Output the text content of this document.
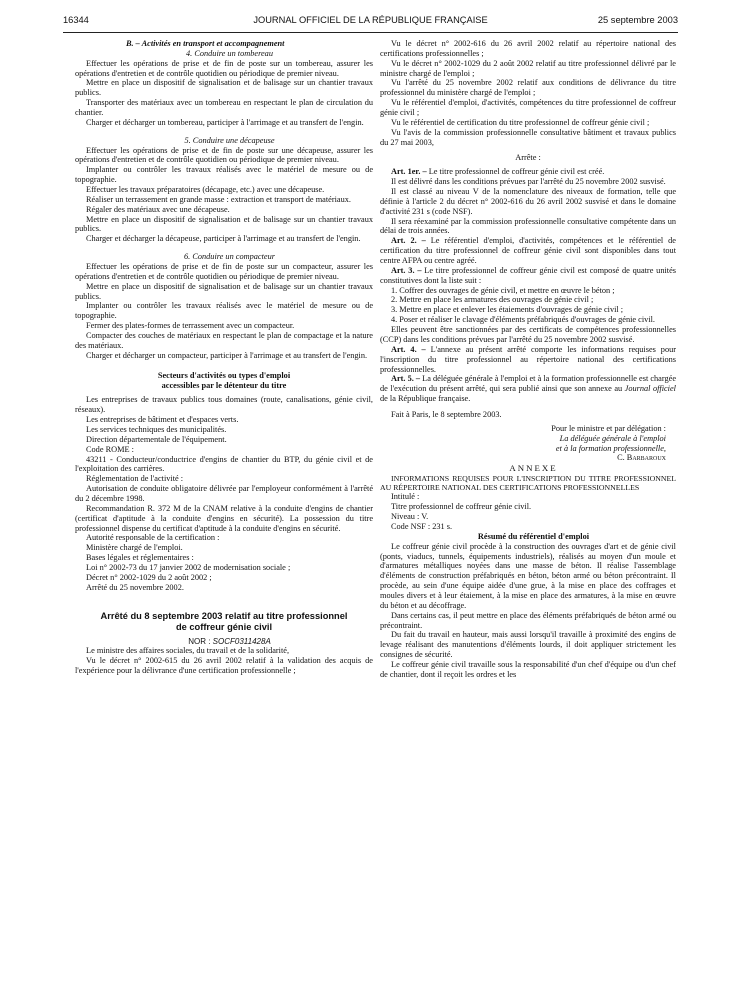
16344	JOURNAL OFFICIEL DE LA RÉPUBLIQUE FRANÇAISE	25 septembre 2003

B. – Activités en transport et accompagnement

4. Conduire un tombereau

Effectuer les opérations de prise et de fin de poste sur un tombereau, assurer les opérations d'entretien et de contrôle quotidien ou périodique de premier niveau.

Mettre en place un dispositif de signalisation et de balisage sur un chantier travaux publics.

Transporter des matériaux avec un tombereau en respectant le plan de circulation du chantier.

Charger et décharger un tombereau, participer à l'arrimage et au transfert de l'engin.

5. Conduire une décapeuse

Effectuer les opérations de prise et de fin de poste sur une décapeuse, assurer les opérations d'entretien et de contrôle quotidien ou périodique de premier niveau.

Implanter ou contrôler les travaux réalisés avec le matériel de mesure ou de topographie.

Effectuer les travaux préparatoires (décapage, etc.) avec une décapeuse.

Réaliser un terrassement en grande masse : extraction et transport de matériaux.

Régaler des matériaux avec une décapeuse.

Mettre en place un dispositif de signalisation et de balisage sur un chantier travaux publics.

Charger et décharger la décapeuse, participer à l'arrimage et au transfert de l'engin.

6. Conduire un compacteur

Effectuer les opérations de prise et de fin de poste sur un compacteur, assurer les opérations d'entretien et de contrôle quotidien ou périodique de premier niveau.

Mettre en place un dispositif de signalisation et de balisage sur un chantier travaux publics.

Implanter ou contrôler les travaux réalisés avec le matériel de mesure ou de topographie.

Fermer des plates-formes de terrassement avec un compacteur.

Compacter des couches de matériaux en respectant le plan de compactage et la nature des matériaux.

Charger et décharger un compacteur, participer à l'arrimage et au transfert de l'engin.

Secteurs d'activités ou types d'emploi

accessibles par le détenteur du titre

Les entreprises de travaux publics tous domaines (route, canalisations, génie civil, réseaux).

Les entreprises de bâtiment et d'espaces verts.

Les services techniques des municipalités.

Direction départementale de l'équipement.

Code ROME :

43211 - Conducteur/conductrice d'engins de chantier du BTP, du génie civil et de l'exploitation des carrières.

Réglementation de l'activité :

Autorisation de conduite obligatoire délivrée par l'employeur conformément à l'arrêté du 2 décembre 1998.

Recommandation R. 372 M de la CNAM relative à la conduite d'engins de chantier (certificat d'aptitude à la conduite d'engins en sécurité). La possession du titre professionnel dispense du certificat d'aptitude à la conduite d'engins en sécurité.

Autorité responsable de la certification :

Ministère chargé de l'emploi.

Bases légales et réglementaires :

Loi n° 2002-73 du 17 janvier 2002 de modernisation sociale ;

Décret n° 2002-1029 du 2 août 2002 ;

Arrêté du 25 novembre 2002.

Arrêté du 8 septembre 2003 relatif au titre professionnel
de coffreur génie civil

NOR : SOCF0311428A

Le ministre des affaires sociales, du travail et de la solidarité,

Vu le décret n° 2002-615 du 26 avril 2002 relatif à la validation des acquis de l'expérience pour la délivrance d'une certification professionnelle ;

Vu le décret n° 2002-616 du 26 avril 2002 relatif au répertoire national des certifications professionnelles ;

Vu le décret n° 2002-1029 du 2 août 2002 relatif au titre professionnel délivré par le ministre chargé de l'emploi ;

Vu l'arrêté du 25 novembre 2002 relatif aux conditions de délivrance du titre professionnel du ministère chargé de l'emploi ;

Vu le référentiel d'emploi, d'activités, compétences du titre professionnel de coffreur génie civil ;

Vu le référentiel de certification du titre professionnel de coffreur génie civil ;

Vu l'avis de la commission professionnelle consultative bâtiment et travaux publics du 27 mai 2003,

Arrête :

Art. 1er. – Le titre professionnel de coffreur génie civil est créé.

Il est délivré dans les conditions prévues par l'arrêté du 25 novembre 2002 susvisé.

Il est classé au niveau V de la nomenclature des niveaux de formation, telle que définie à l'article 2 du décret n° 2002-616 du 26 avril 2002 susvisé et dans le domaine d'activité 231 s (code NSF).

Il sera réexaminé par la commission professionnelle consultative compétente dans un délai de trois années.

Art. 2. – Le référentiel d'emploi, d'activités, compétences et le référentiel de certification du titre professionnel de coffreur génie civil sont disponibles dans tout centre AFPA ou centre agréé.

Art. 3. – Le titre professionnel de coffreur génie civil est composé de quatre unités constitutives dont la liste suit :

1. Coffrer des ouvrages de génie civil, et mettre en œuvre le béton ;

2. Mettre en place les armatures des ouvrages de génie civil ;

3. Mettre en place et enlever les étaiements d'ouvrages de génie civil ;

4. Poser et réaliser le clavage d'éléments préfabriqués d'ouvrages de génie civil.

Elles peuvent être sanctionnées par des certificats de compétences professionnelles (CCP) dans les conditions prévues par l'arrêté du 25 novembre 2002 susvisé.

Art. 4. – L'annexe au présent arrêté comporte les informations requises pour l'inscription du titre professionnel au répertoire national des certifications professionnelles.

Art. 5. – La déléguée générale à l'emploi et à la formation professionnelle est chargée de l'exécution du présent arrêté, qui sera publié ainsi que son annexe au Journal officiel de la République française.

Fait à Paris, le 8 septembre 2003.

Pour le ministre et par délégation :

La déléguée générale à l'emploi

et à la formation professionnelle,

C. Barbaroux

ANNEXE

INFORMATIONS REQUISES POUR L'INSCRIPTION DU TITRE PROFESSIONNEL AU RÉPERTOIRE NATIONAL DES CERTIFICATIONS PROFESSIONNELLES

Intitulé :

Titre professionnel de coffreur génie civil.

Niveau : V.

Code NSF : 231 s.

Résumé du référentiel d'emploi

Le coffreur génie civil procède à la construction des ouvrages d'art et de génie civil (ponts, viaducs, tunnels, équipements industriels), réalisés au moyen d'un moule et d'armatures métalliques noyées dans une masse de béton. Il réalise l'assemblage d'éléments de construction préfabriqués en béton, béton armé ou béton précontraint. Il procède, au sein d'une équipe aidée d'une grue, à la mise en place des coffrages et moules divers et à leur étaiement, à la mise en place des armatures, à la mise en œuvre du béton et au décoffrage.

Dans certains cas, il peut mettre en place des éléments préfabriqués de béton armé ou précontraint.

Du fait du travail en hauteur, mais aussi lorsqu'il travaille à proximité des engins de levage réalisant des manutentions d'éléments lourds, il doit appliquer strictement les consignes de sécurité.

Le coffreur génie civil travaille sous la responsabilité d'un chef d'équipe ou d'un chef de chantier, dont il reçoit les ordres et les
